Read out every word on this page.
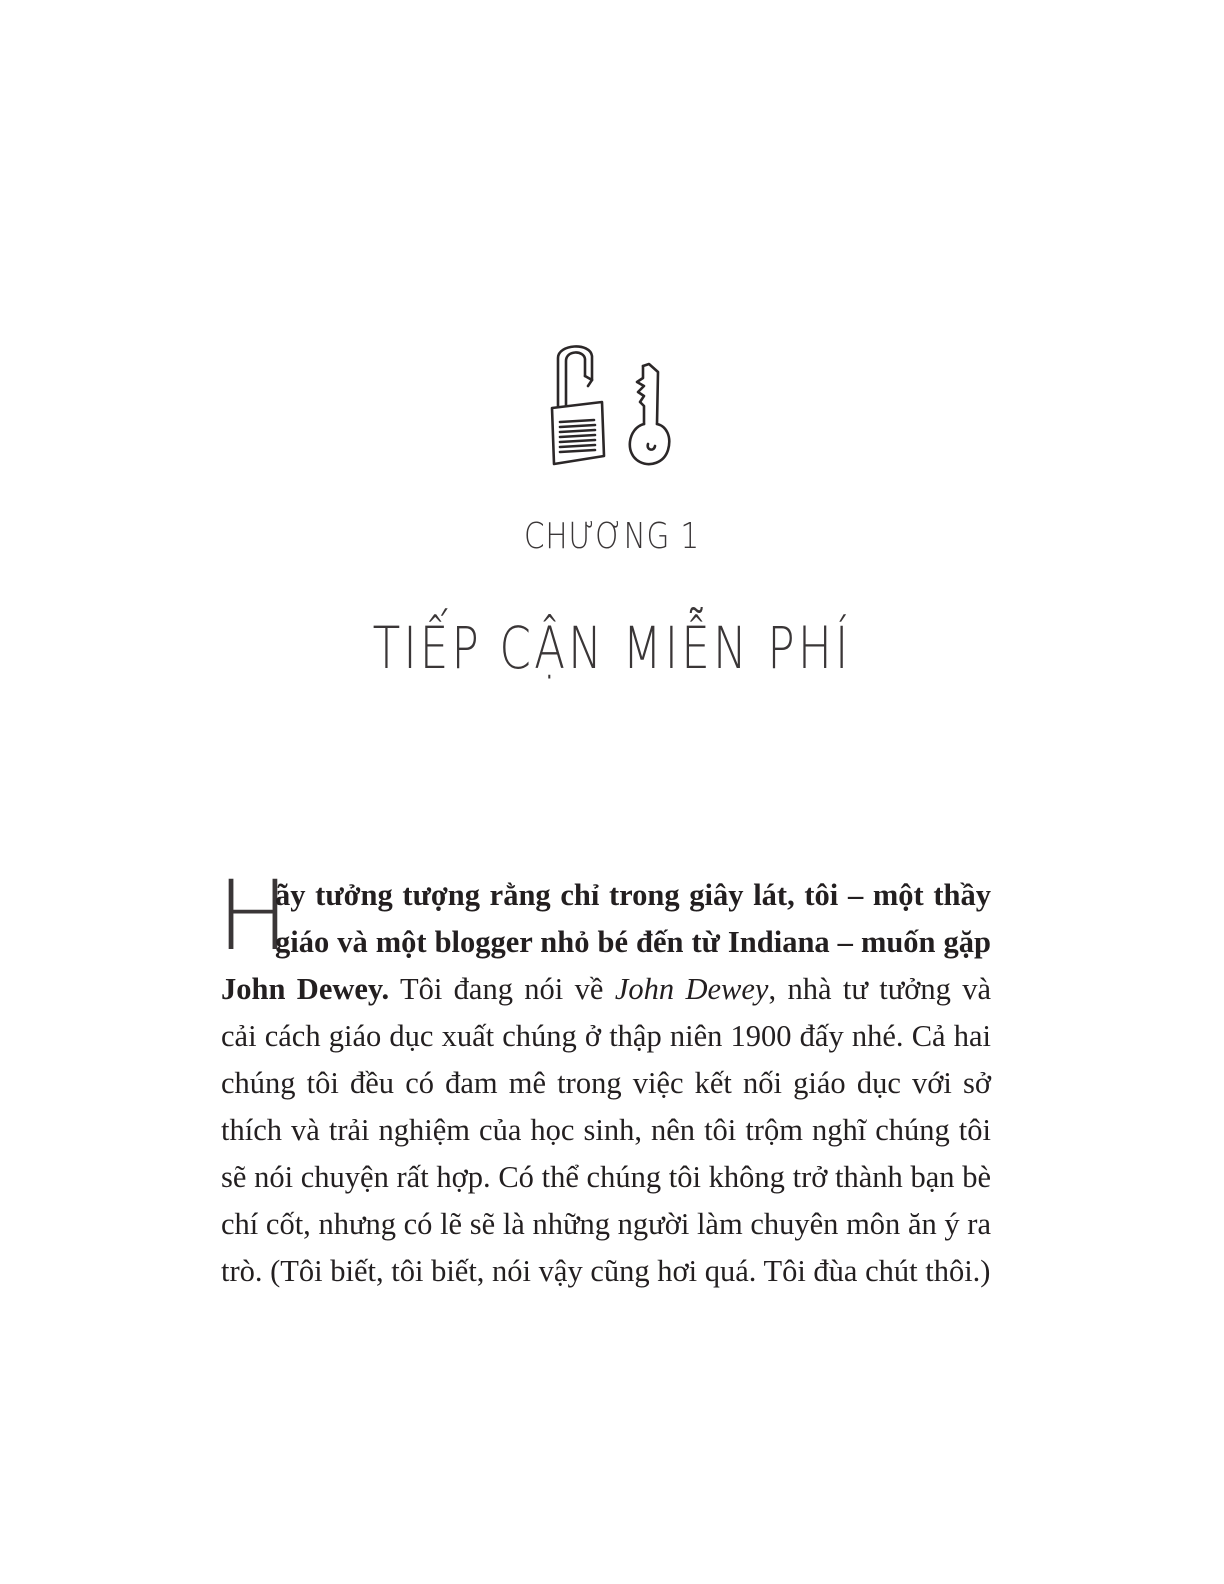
CHƯƠNG 1
TIẾP CẬN MIỄN PHÍ
H
ãy tưởng tượng rằng chỉ trong giây lát, tôi – một thầy giáo và một blogger nhỏ bé đến từ Indiana – muốn gặp John Dewey. Tôi đang nói về John Dewey, nhà tư tưởng và cải cách giáo dục xuất chúng ở thập niên 1900 đấy nhé. Cả hai chúng tôi đều có đam mê trong việc kết nối giáo dục với sở thích và trải nghiệm của học sinh, nên tôi trộm nghĩ chúng tôi sẽ nói chuyện rất hợp. Có thể chúng tôi không trở thành bạn bè chí cốt, nhưng có lẽ sẽ là những người làm chuyên môn ăn ý ra trò. (Tôi biết, tôi biết, nói vậy cũng hơi quá. Tôi đùa chút thôi.)
